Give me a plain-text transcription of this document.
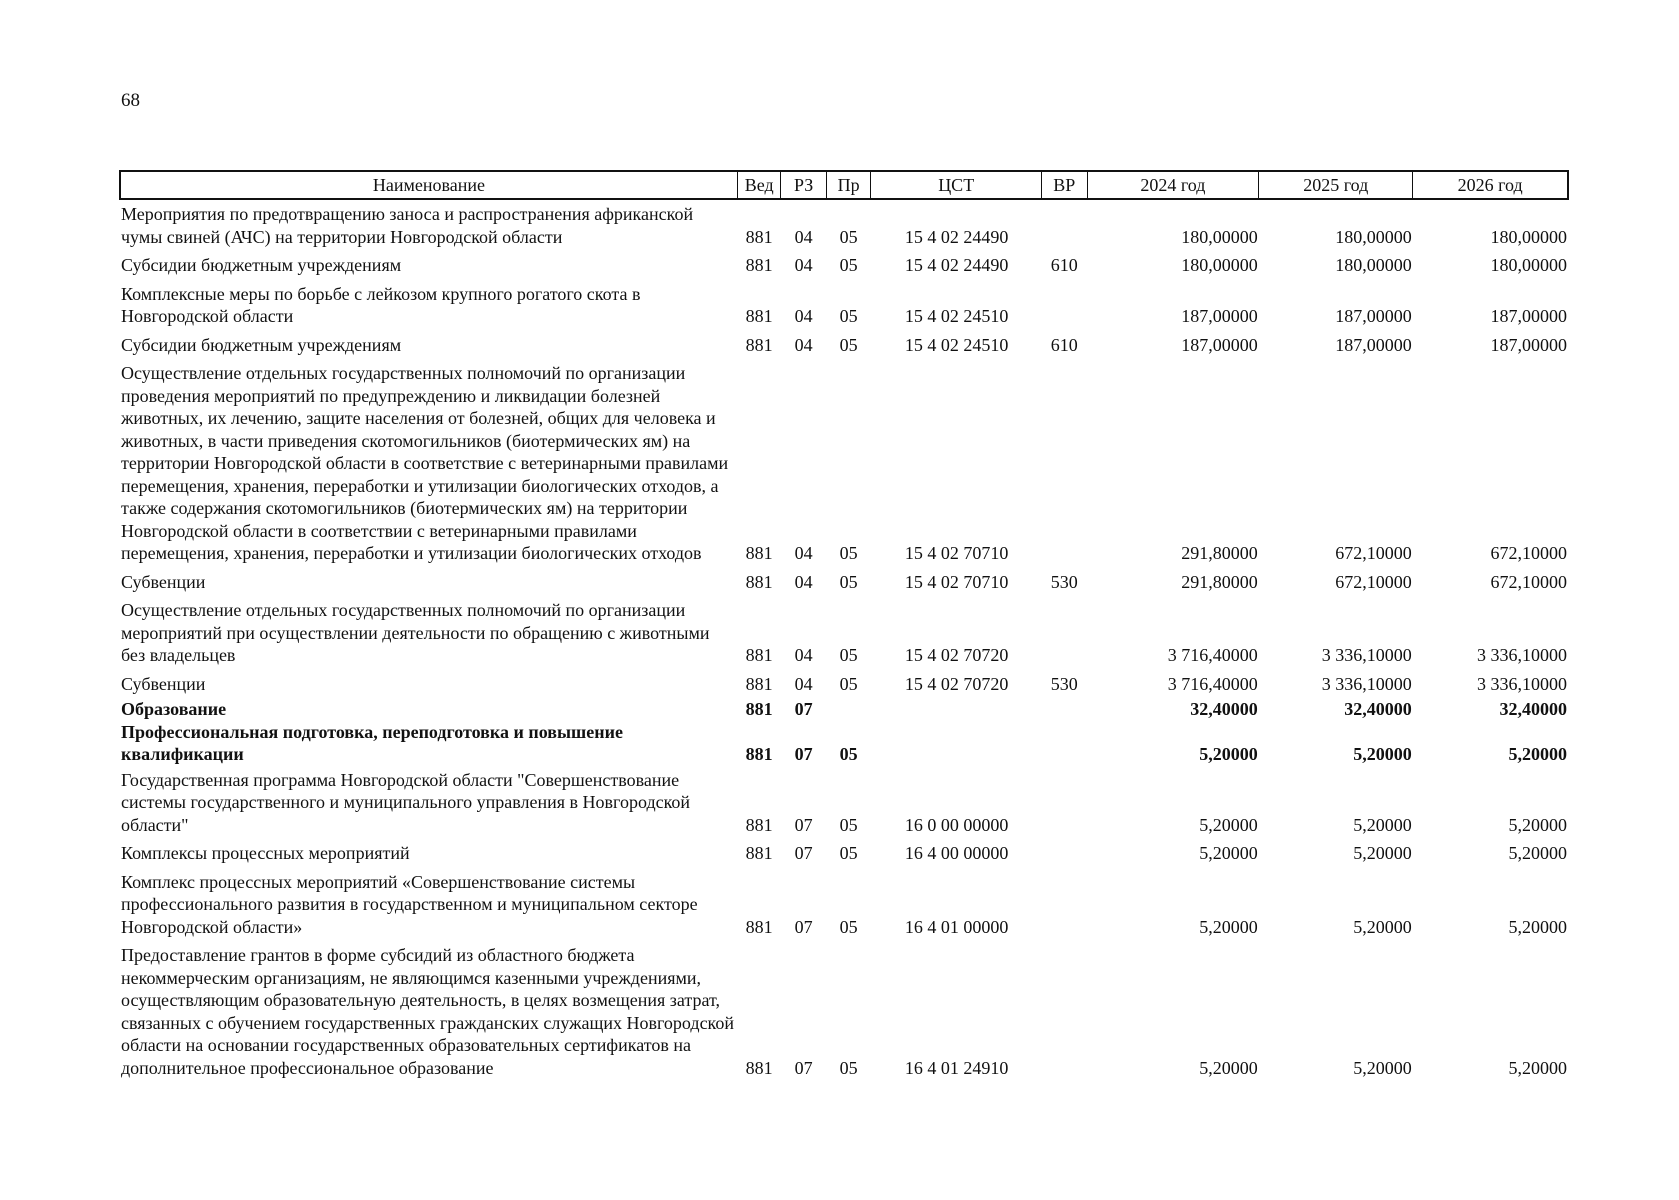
68
Наименование	Вед	РЗ	Пр	ЦСТ	ВР	2024 год	2025 год	2026 год
Мероприятия по предотвращению заноса и распространения африканской чумы свиней (АЧС) на территории Новгородской области	881	04	05	15 4 02 24490		180,00000	180,00000	180,00000
Субсидии бюджетным учреждениям	881	04	05	15 4 02 24490	610	180,00000	180,00000	180,00000
Комплексные меры по борьбе с лейкозом крупного рогатого скота в Новгородской области	881	04	05	15 4 02 24510		187,00000	187,00000	187,00000
Субсидии бюджетным учреждениям	881	04	05	15 4 02 24510	610	187,00000	187,00000	187,00000
Осуществление отдельных государственных полномочий по организации проведения мероприятий по предупреждению и ликвидации болезней животных, их лечению, защите населения от болезней, общих для человека и животных, в части приведения скотомогильников (биотермических ям) на территории Новгородской области в соответствие с ветеринарными правилами перемещения, хранения, переработки и утилизации биологических отходов, а также содержания скотомогильников (биотермических ям) на территории Новгородской области в соответствии с ветеринарными правилами перемещения, хранения, переработки и утилизации биологических отходов	881	04	05	15 4 02 70710		291,80000	672,10000	672,10000
Субвенции	881	04	05	15 4 02 70710	530	291,80000	672,10000	672,10000
Осуществление отдельных государственных полномочий по организации мероприятий при осуществлении деятельности по обращению с животными без владельцев	881	04	05	15 4 02 70720		3 716,40000	3 336,10000	3 336,10000
Субвенции	881	04	05	15 4 02 70720	530	3 716,40000	3 336,10000	3 336,10000
Образование	881	07				32,40000	32,40000	32,40000
Профессиональная подготовка, переподготовка и повышение квалификации	881	07	05			5,20000	5,20000	5,20000
Государственная программа Новгородской области "Совершенствование системы государственного и муниципального управления в Новгородской области"	881	07	05	16 0 00 00000		5,20000	5,20000	5,20000
Комплексы процессных мероприятий	881	07	05	16 4 00 00000		5,20000	5,20000	5,20000
Комплекс процессных мероприятий «Совершенствование системы профессионального развития в государственном и муниципальном секторе Новгородской области»	881	07	05	16 4 01 00000		5,20000	5,20000	5,20000
Предоставление грантов в форме субсидий из областного бюджета некоммерческим организациям, не являющимся казенными учреждениями, осуществляющим образовательную деятельность, в целях возмещения затрат, связанных с обучением государственных гражданских служащих Новгородской области на основании государственных образовательных сертификатов на дополнительное профессиональное образование	881	07	05	16 4 01 24910		5,20000	5,20000	5,20000
